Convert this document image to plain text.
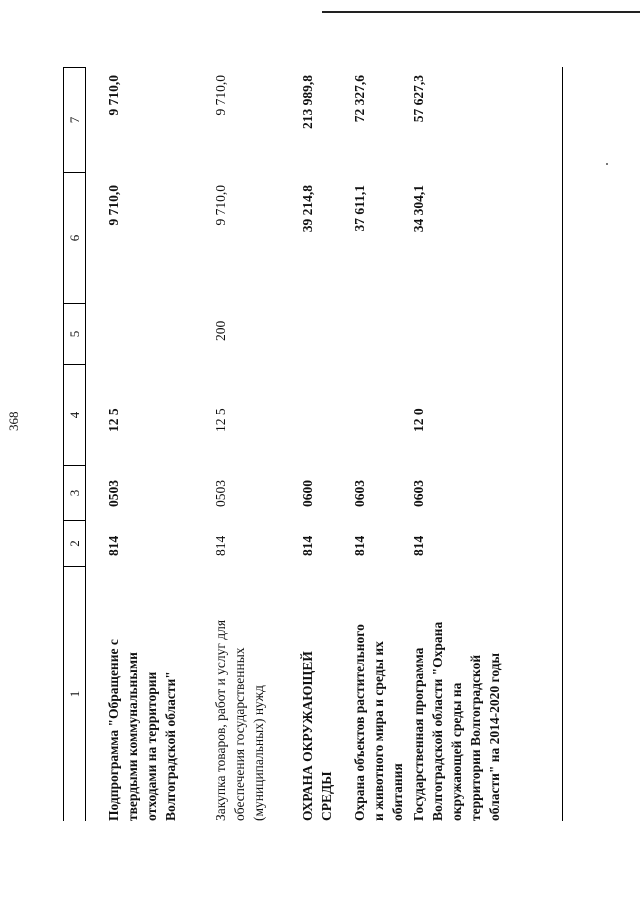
368
1
2
3
4
5
6
7
Подпрограмма "Обращение с твердыми коммунальными отходами на территории Волгоградской области"
814
0503
12 5
9 710,0
9 710,0
Закупка товаров, работ и услуг для обеспечения государственных (муниципальных) нужд
814
0503
12 5
200
9 710,0
9 710,0
ОХРАНА ОКРУЖАЮЩЕЙ СРЕДЫ
814
0600
39 214,8
213 989,8
Охрана объектов растительного и животного мира и среды их обитания
814
0603
37 611,1
72 327,6
Государственная программа Волгоградской области "Охрана окружающей среды на территории Волгоградской области" на 2014-2020 годы
814
0603
12 0
34 304,1
57 627,3
